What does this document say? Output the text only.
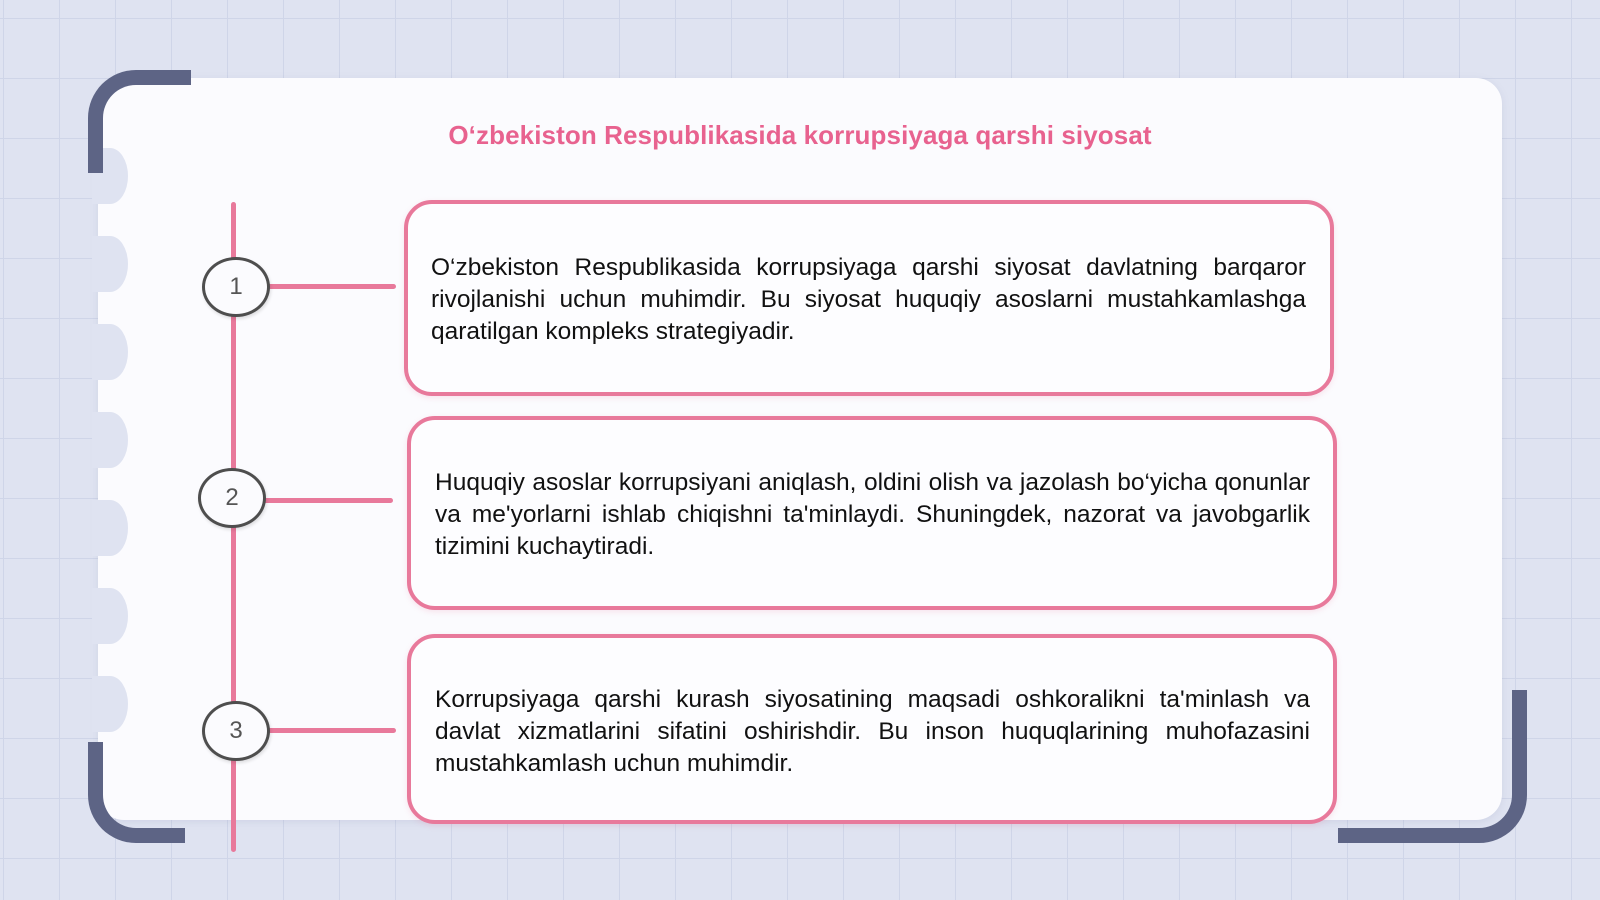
Oʻzbekiston Respublikasida korrupsiyaga qarshi siyosat
O‘zbekiston Respublikasida korrupsiyaga qarshi siyosat davlatning barqaror rivojlanishi uchun muhimdir. Bu siyosat huquqiy asoslarni mustahkamlashga qaratilgan kompleks strategiyadir.
Huquqiy asoslar korrupsiyani aniqlash, oldini olish va jazolash bo‘yicha qonunlar va me'yorlarni ishlab chiqishni ta'minlaydi. Shuningdek, nazorat va javobgarlik tizimini kuchaytiradi.
Korrupsiyaga qarshi kurash siyosatining maqsadi oshkoralikni ta'minlash va davlat xizmatlarini sifatini oshirishdir. Bu inson huquqlarining muhofazasini mustahkamlash uchun muhimdir.
1
2
3
